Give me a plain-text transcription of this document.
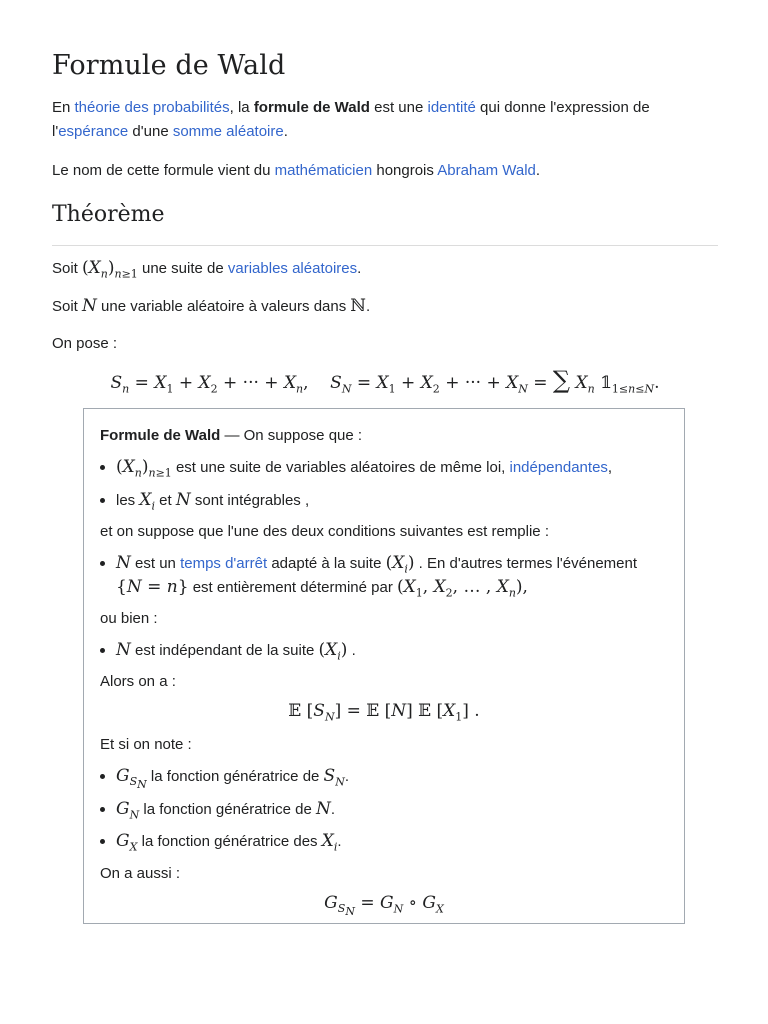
Formule de Wald

En théorie des probabilités, la formule de Wald est une identité qui donne l'expression de
l'espérance d'une somme aléatoire.

Le nom de cette formule vient du mathématicien hongrois Abraham Wald.

Théorème

Soit $(X_n)_{n\ge 1}$ une suite de variables aléatoires.

Soit N une variable aléatoire à valeurs dans ℕ.

On pose :

$S_n = X_1 + X_2$ + ··· + $X_n$,    $S_N = X_1 + X_2$ + ··· + $X_N$ = ∑ $X_n$ $𝟙_{1\le n\le N}$.

Formule de Wald — On suppose que :

$(X_n)_{n\ge 1}$ est une suite de variables aléatoires de même loi, indépendantes,
les $X_i$ et N sont intégrables ,

et on suppose que l'une des deux conditions suivantes est remplie :

N est un temps d'arrêt adapté à la suite $(X_i)$ . En d'autres termes l'événement
{N = n} est entièrement déterminé par ($X_1$, $X_2$, … , $X_n$),

ou bien :

N est indépendant de la suite $(X_i)$ .

Alors on a :

𝔼 $[S_N]$ = 𝔼 [N] 𝔼 $[X_1]$ .

Et si on note :

$G_{S_N}$ la fonction génératrice de $S_N$.
$G_N$ la fonction génératrice de N.
$G_X$ la fonction génératrice des $X_i$.

On a aussi :

$G_{S_N} = G_N$ ∘ $G_X$
